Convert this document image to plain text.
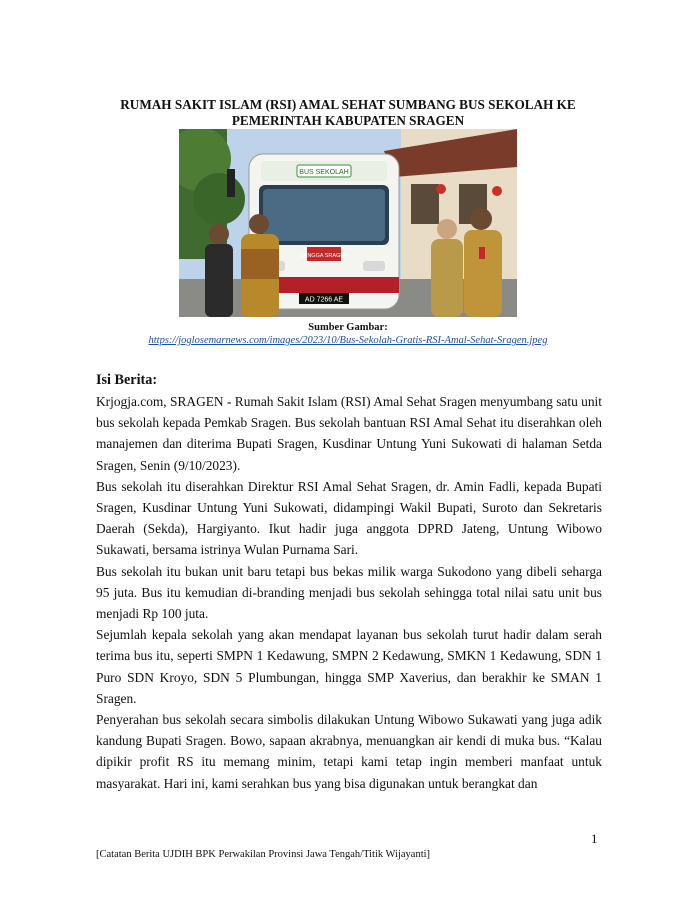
RUMAH SAKIT ISLAM (RSI) AMAL SEHAT SUMBANG BUS SEKOLAH KE
PEMERINTAH KABUPATEN SRAGEN
BUS SEKOLAH
SANGGA SRAGEN
AD 7266 AE
Sumber Gambar:
https://joglosemarnews.com/images/2023/10/Bus-Sekolah-Gratis-RSI-Amal-Sehat-Sragen.jpeg
Isi Berita:

Krjogja.com, SRAGEN - Rumah Sakit Islam (RSI) Amal Sehat Sragen menyumbang satu unit bus sekolah kepada Pemkab Sragen. Bus sekolah bantuan RSI Amal Sehat itu diserahkan oleh manajemen dan diterima Bupati Sragen, Kusdinar Untung Yuni Sukowati di halaman Setda Sragen, Senin (9/10/2023).

Bus sekolah itu diserahkan Direktur RSI Amal Sehat Sragen, dr. Amin Fadli, kepada Bupati Sragen, Kusdinar Untung Yuni Sukowati, didampingi Wakil Bupati, Suroto dan Sekretaris Daerah (Sekda), Hargiyanto. Ikut hadir juga anggota DPRD Jateng, Untung Wibowo Sukawati, bersama istrinya Wulan Purnama Sari.

Bus sekolah itu bukan unit baru tetapi bus bekas milik warga Sukodono yang dibeli seharga 95 juta. Bus itu kemudian di-branding menjadi bus sekolah sehingga total nilai satu unit bus menjadi Rp 100 juta.

Sejumlah kepala sekolah yang akan mendapat layanan bus sekolah turut hadir dalam serah terima bus itu, seperti SMPN 1 Kedawung, SMPN 2 Kedawung, SMKN 1 Kedawung, SDN 1 Puro SDN Kroyo, SDN 5 Plumbungan, hingga SMP Xaverius, dan berakhir ke SMAN 1 Sragen.

Penyerahan bus sekolah secara simbolis dilakukan Untung Wibowo Sukawati yang juga adik kandung Bupati Sragen. Bowo, sapaan akrabnya, menuangkan air kendi di muka bus. “Kalau dipikir profit RS itu memang minim, tetapi kami tetap ingin memberi manfaat untuk masyarakat. Hari ini, kami serahkan bus yang bisa digunakan untuk berangkat dan

1
[Catatan Berita UJDIH BPK Perwakilan Provinsi Jawa Tengah/Titik Wijayanti]
